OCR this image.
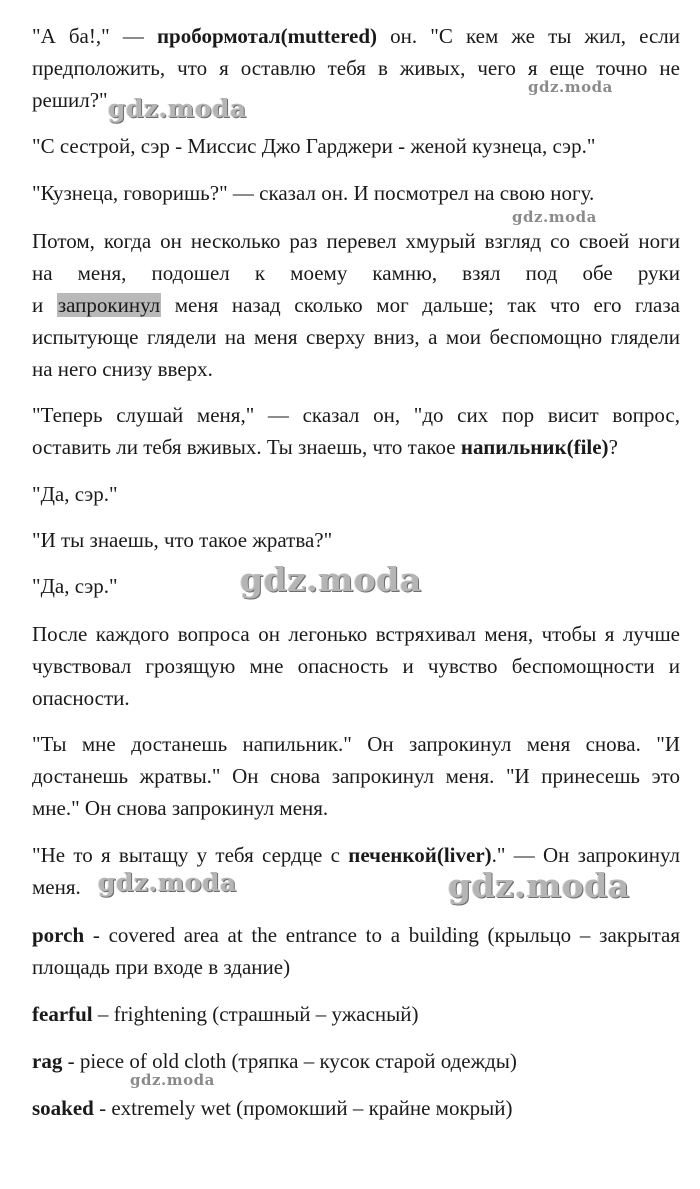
"А ба!," — пробормотал(muttered) он. "С кем же ты жил, если

предположить, что я оставлю тебя в живых, чего я еще точно не

решил?"

"С сестрой, сэр - Миссис Джо Гарджери - женой кузнеца, сэр."

"Кузнеца, говоришь?" — сказал он. И посмотрел на свою ногу.

Потом, когда он несколько раз перевел хмурый взгляд со своей ноги

на меня, подошел к моему камню, взял под обе руки

и запрокинул меня назад сколько мог дальше; так что его глаза

испытующе глядели на меня сверху вниз, а мои беспомощно глядели

на него снизу вверх.

"Теперь слушай меня," — сказал он, "до сих пор висит вопрос,

оставить ли тебя вживых. Ты знаешь, что такое напильник(file)?

"Да, сэр."

"И ты знаешь, что такое жратва?"

"Да, сэр."

После каждого вопроса он легонько встряхивал меня, чтобы я лучше

чувствовал грозящую мне опасность и чувство беспомощности и

опасности.

"Ты мне достанешь напильник." Он запрокинул меня снова. "И

достанешь жратвы." Он снова запрокинул меня. "И принесешь это

мне." Он снова запрокинул меня.

"Не то я вытащу у тебя сердце с печенкой(liver)." — Он запрокинул

меня.

porch - covered area at the entrance to a building (крыльцо – закрытая

площадь при входе в здание)

fearful – frightening (страшный – ужасный)

rag - piece of old cloth (тряпка – кусок старой одежды)

soaked - extremely wet (промокший – крайне мокрый)

gdz.moda
gdz.moda
gdz.moda
gdz.moda
gdz.moda	gdz.moda
gdz.moda
